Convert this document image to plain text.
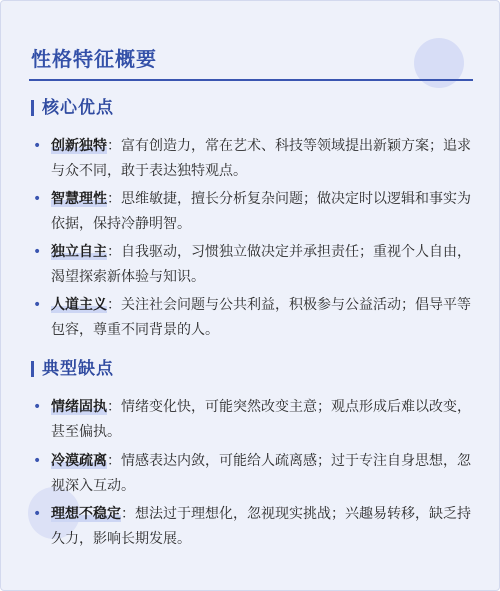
性格特征概要
核心优点
• 创新独特：富有创造力，常在艺术、科技等领域提出新颖方案；追求与众不同，敢于表达独特观点。
• 智慧理性：思维敏捷，擅长分析复杂问题；做决定时以逻辑和事实为依据，保持冷静明智。
• 独立自主：自我驱动，习惯独立做决定并承担责任；重视个人自由，渴望探索新体验与知识。
• 人道主义：关注社会问题与公共利益，积极参与公益活动；倡导平等包容，尊重不同背景的人。
典型缺点
• 情绪固执：情绪变化快，可能突然改变主意；观点形成后难以改变，甚至偏执。
• 冷漠疏离：情感表达内敛，可能给人疏离感；过于专注自身思想，忽视深入互动。
• 理想不稳定：想法过于理想化，忽视现实挑战；兴趣易转移，缺乏持久力，影响长期发展。
